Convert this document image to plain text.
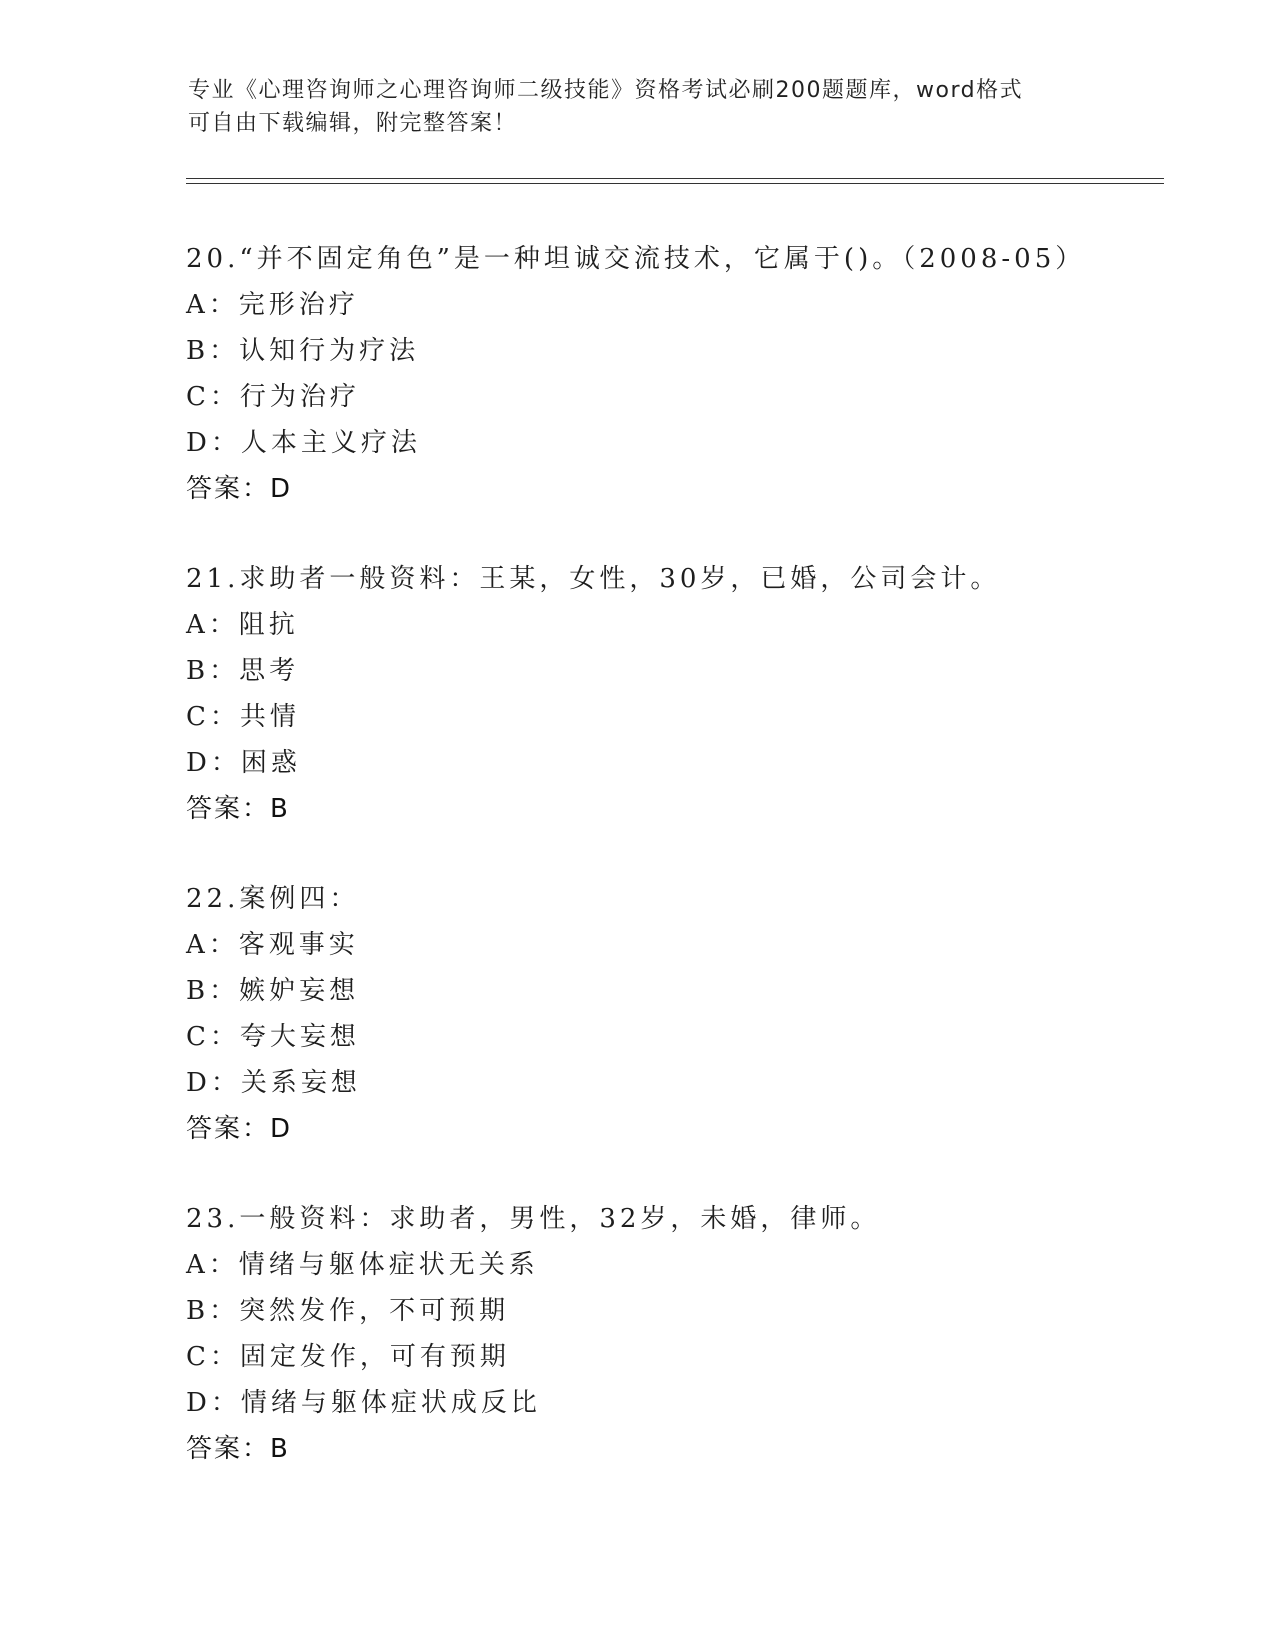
专业《心理咨询师之心理咨询师二级技能》资格考试必刷200题题库，word格式
可自由下载编辑，附完整答案！
20.“并不固定角色”是一种坦诚交流技术，它属于()。（2008-05）
A：完形治疗
B：认知行为疗法
C：行为治疗
D：人本主义疗法
答案：D
21.求助者一般资料：王某，女性，30岁，已婚，公司会计。
A：阻抗
B：思考
C：共情
D：困惑
答案：B
22.案例四：
A：客观事实
B：嫉妒妄想
C：夸大妄想
D：关系妄想
答案：D
23.一般资料：求助者，男性，32岁，未婚，律师。
A：情绪与躯体症状无关系
B：突然发作，不可预期
C：固定发作，可有预期
D：情绪与躯体症状成反比
答案：B
